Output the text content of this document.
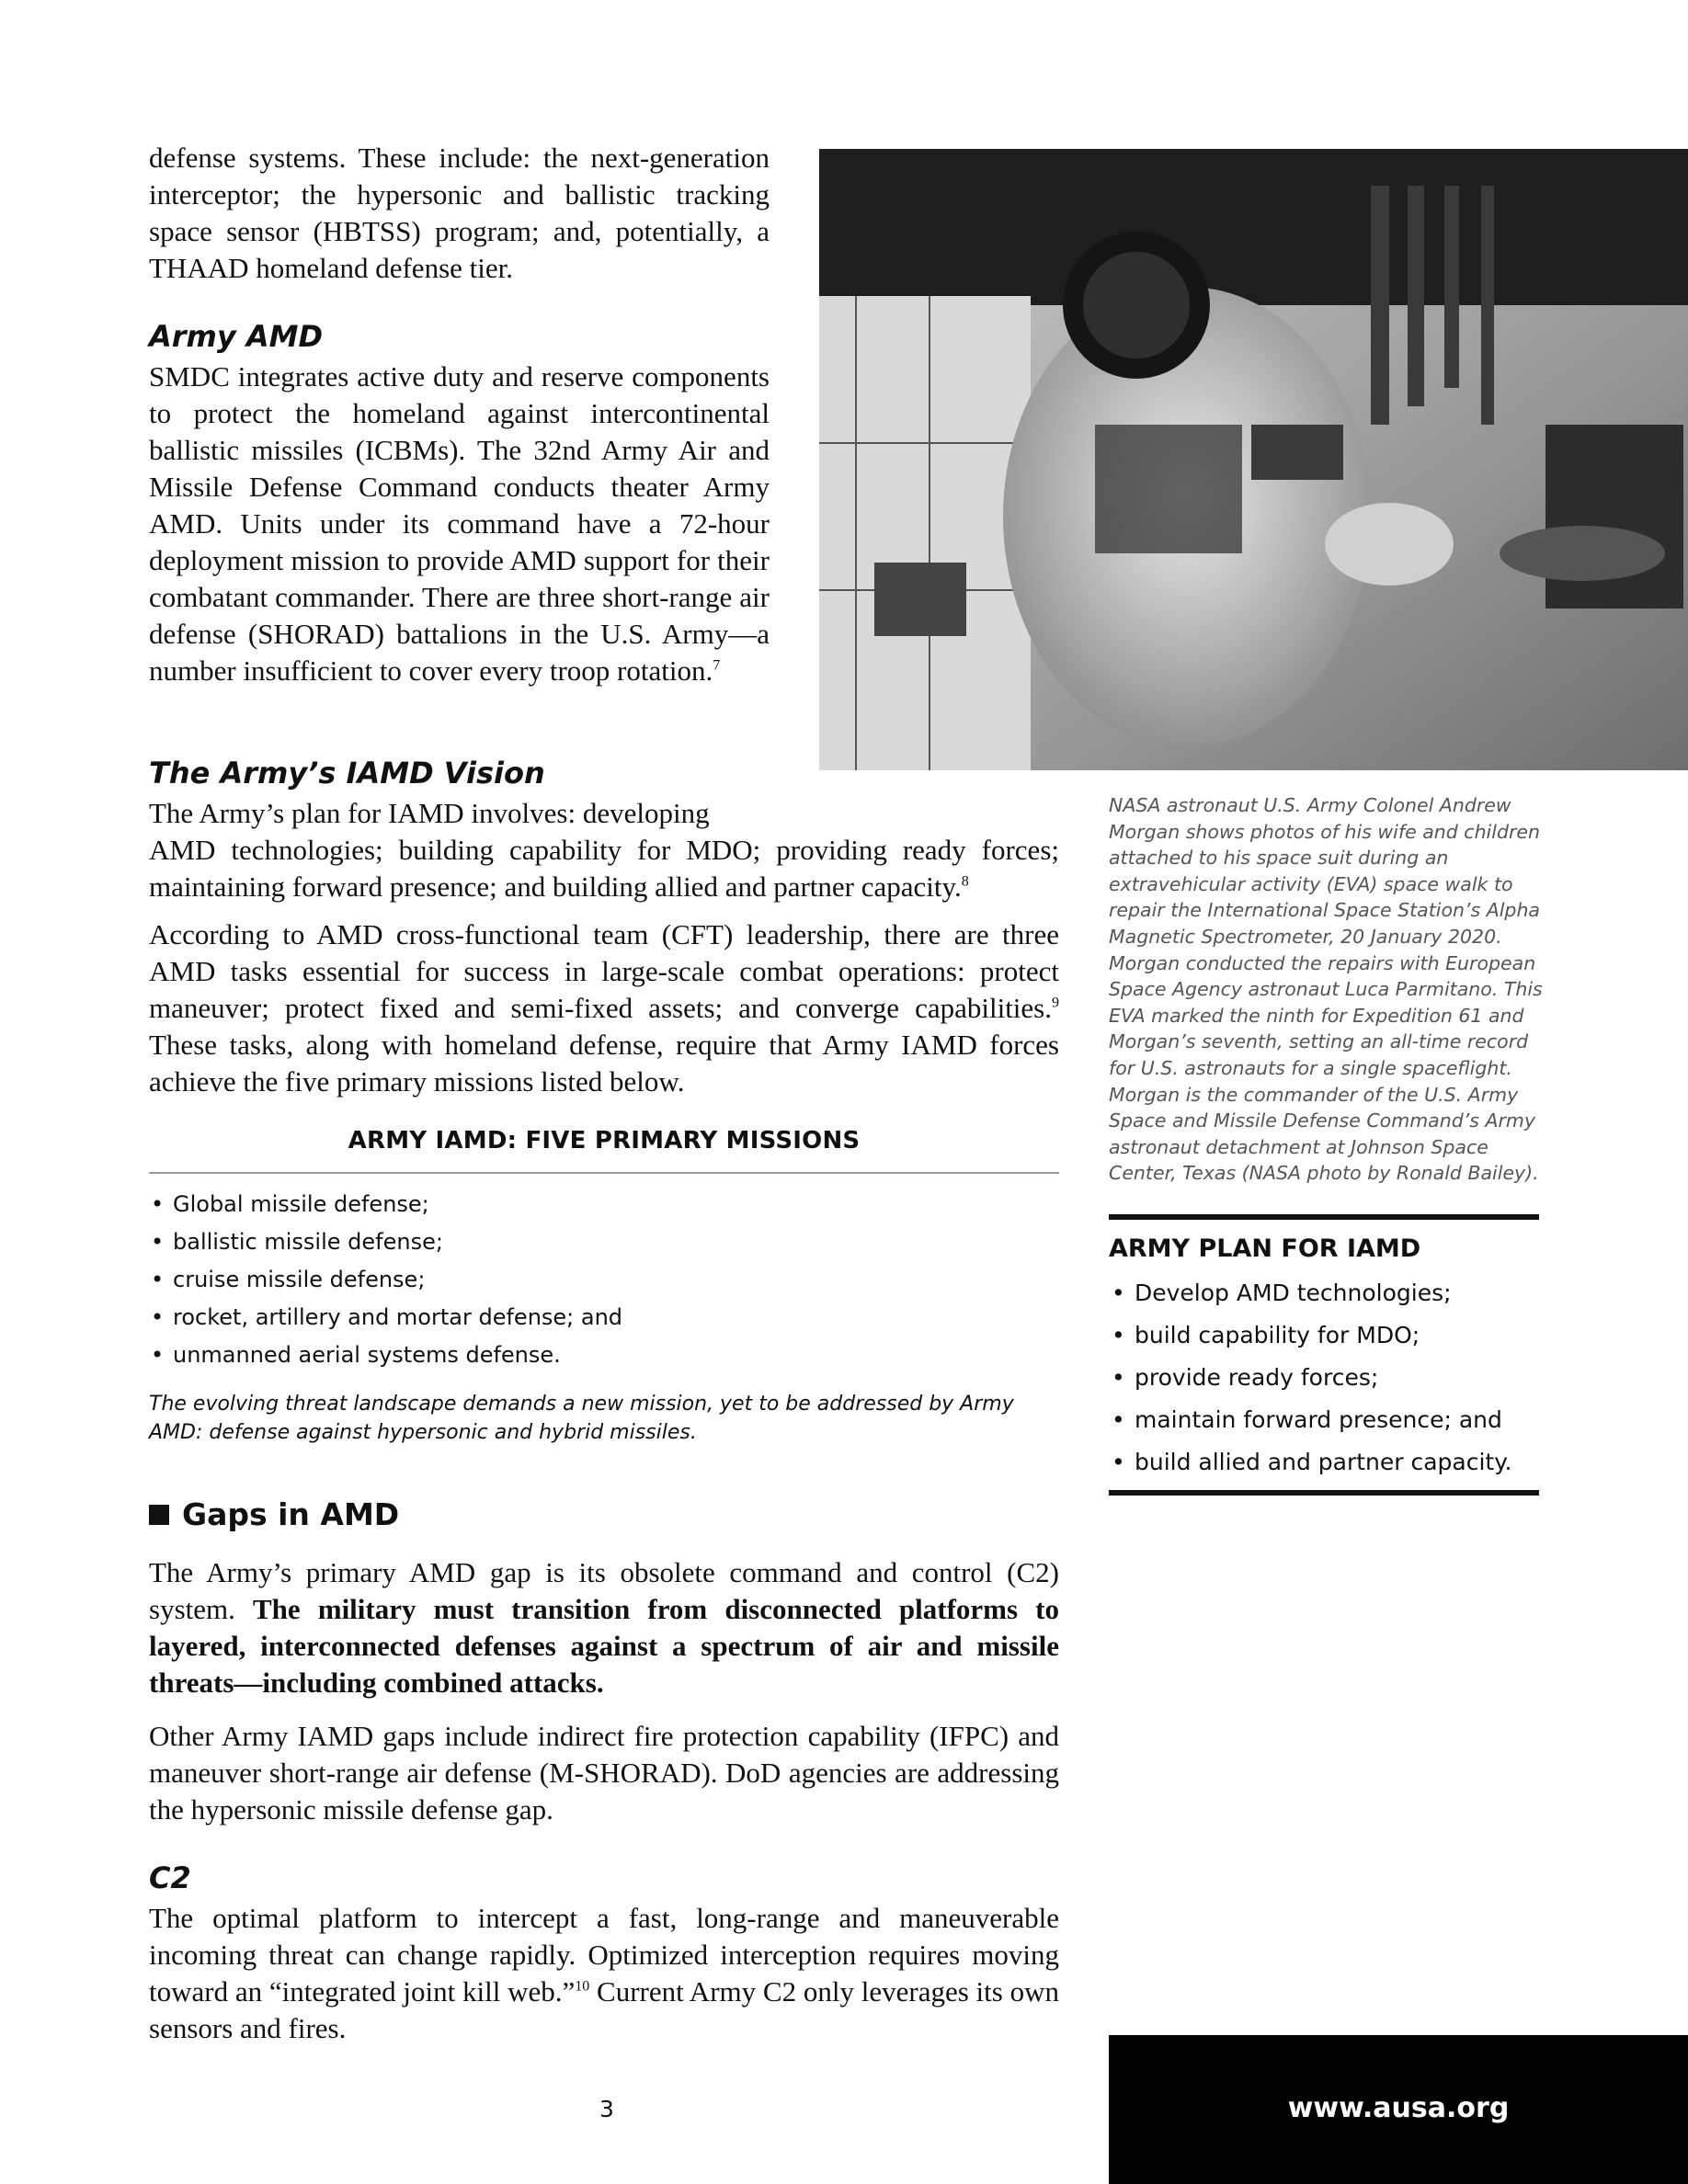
defense systems. These include: the next-generation interceptor; the hypersonic and ballistic tracking space sensor (HBTSS) program; and, potentially, a THAAD homeland defense tier.

Army AMD

SMDC integrates active duty and reserve components to protect the homeland against intercontinental ballistic missiles (ICBMs). The 32nd Army Air and Missile Defense Command conducts theater Army AMD. Units under its command have a 72-hour deployment mission to provide AMD support for their combatant commander. There are three short-range air defense (SHORAD) battalions in the U.S. Army—a number insufficient to cover every troop rotation.$^7$

The Army’s IAMD Vision

The Army’s plan for IAMD involves: developing

AMD technologies; building capability for MDO; providing ready forces; maintaining forward presence; and building allied and partner capacity.$^8$

According to AMD cross-functional team (CFT) leadership, there are three AMD tasks essential for success in large-scale combat operations: protect maneuver; protect fixed and semi-fixed assets; and converge capabilities.$^9$ These tasks, along with homeland defense, require that Army IAMD forces achieve the five primary missions listed below.

NASA astronaut U.S. Army Colonel Andrew Morgan shows photos of his wife and children attached to his space suit during an extravehicular activity (EVA) space walk to repair the International Space Station’s Alpha Magnetic Spectrometer, 20 January 2020. Morgan conducted the repairs with European Space Agency astronaut Luca Parmitano. This EVA marked the ninth for Expedition 61 and Morgan’s seventh, setting an all-time record for U.S. astronauts for a single spaceflight. Morgan is the commander of the U.S. Army Space and Missile Defense Command’s Army astronaut detachment at Johnson Space Center, Texas (NASA photo by Ronald Bailey).

ARMY IAMD: FIVE PRIMARY MISSIONS
• Global missile defense;
• ballistic missile defense;
• cruise missile defense;
• rocket, artillery and mortar defense; and
• unmanned aerial systems defense.

The evolving threat landscape demands a new mission, yet to be addressed by Army AMD: defense against hypersonic and hybrid missiles.

ARMY PLAN FOR IAMD
• Develop AMD technologies;
• build capability for MDO;
• provide ready forces;
• maintain forward presence; and
• build allied and partner capacity.
Gaps in AMD

The Army’s primary AMD gap is its obsolete command and control (C2) system. The military must transition from disconnected platforms to layered, interconnected defenses against a spectrum of air and missile threats—including combined attacks.

Other Army IAMD gaps include indirect fire protection capability (IFPC) and maneuver short-range air defense (M-SHORAD). DoD agencies are addressing the hypersonic missile defense gap.

C2

The optimal platform to intercept a fast, long-range and maneuverable incoming threat can change rapidly. Optimized interception requires moving toward an “integrated joint kill web.”$^{10}$ Current Army C2 only leverages its own sensors and fires.

3	www.ausa.org
